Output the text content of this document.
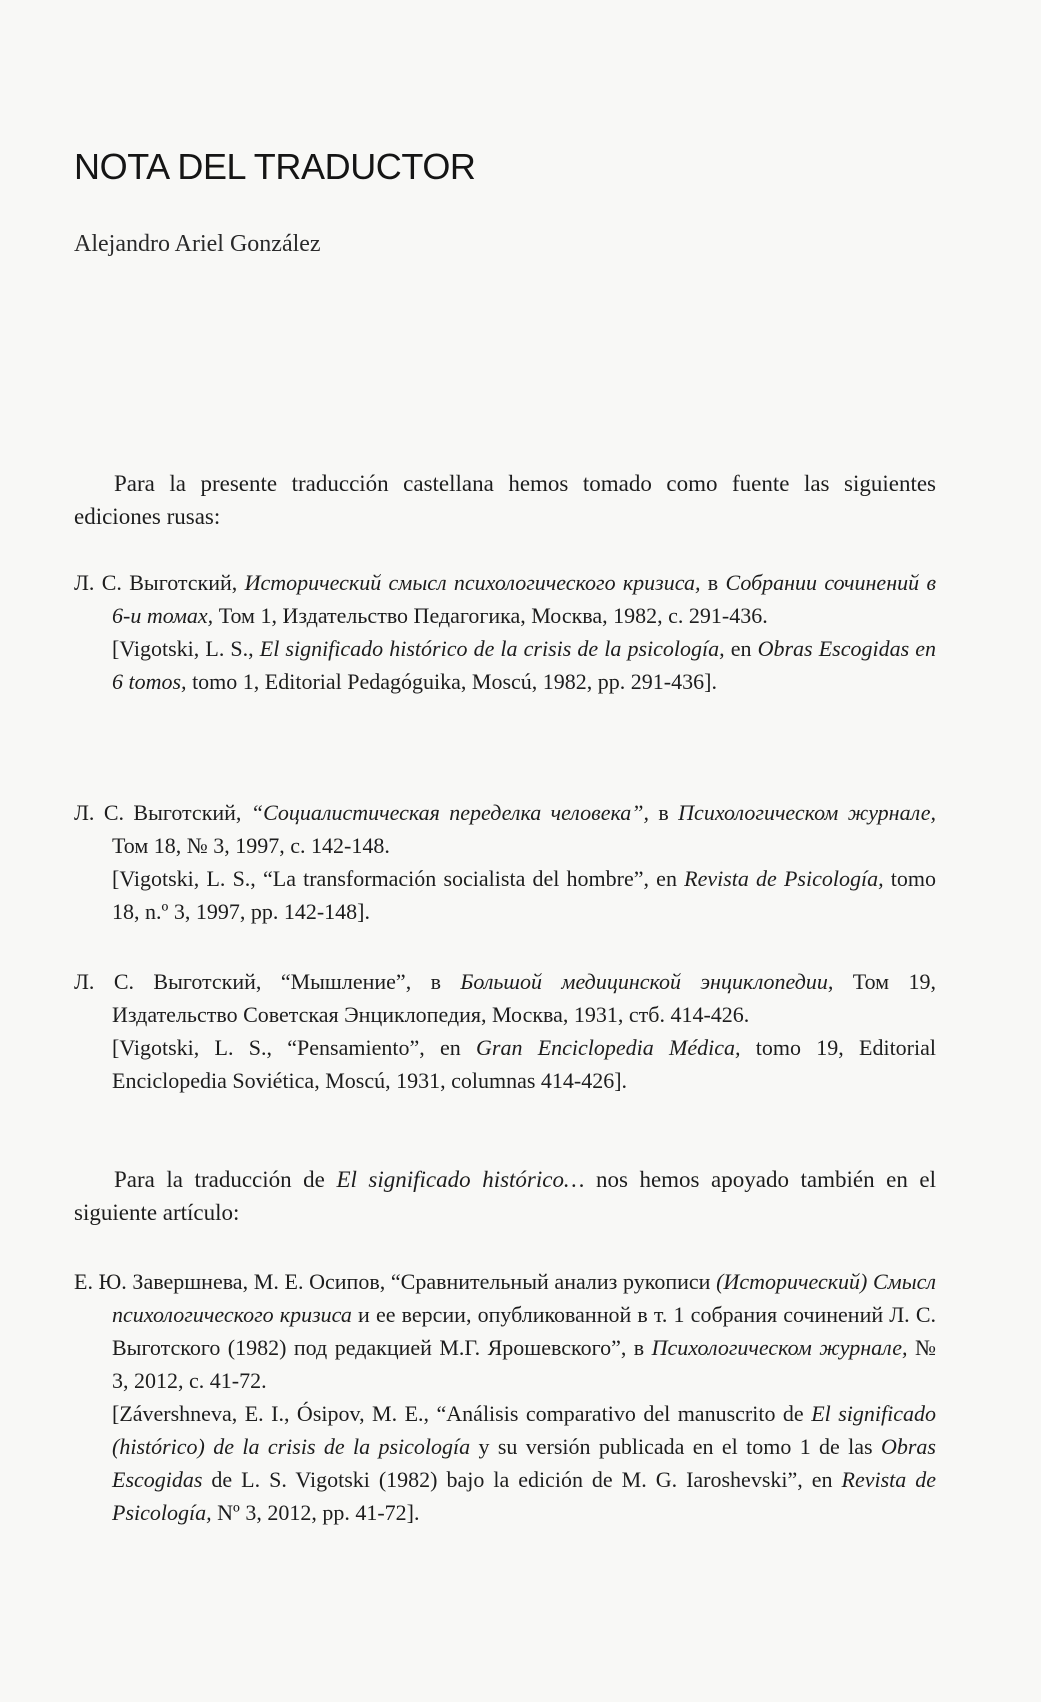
NOTA DEL TRADUCTOR
Alejandro Ariel González

Para la presente traducción castellana hemos tomado como fuente las siguientes ediciones rusas:

Л. С. Выготский, Исторический смысл психологического кризиса, в Собрании сочинений в 6-и томах, Том 1, Издательство Педагогика, Москва, 1982, с. 291-436.

[Vigotski, L. S., El significado histórico de la crisis de la psicología, en Obras Escogidas en 6 tomos, tomo 1, Editorial Pedagóguika, Moscú, 1982, pp. 291-436].

Л. С. Выготский, “Социалистическая переделка человека”, в Психологическом журнале, Том 18, № 3, 1997, с. 142-148.

[Vigotski, L. S., “La transformación socialista del hombre”, en Revista de Psicología, tomo 18, n.º 3, 1997, pp. 142-148].

Л. С. Выготский, “Мышление”, в Большой медицинской энциклопедии, Том 19, Издательство Советская Энциклопедия, Москва, 1931, стб. 414-426.

[Vigotski, L. S., “Pensamiento”, en Gran Enciclopedia Médica, tomo 19, Editorial Enciclopedia Soviética, Moscú, 1931, columnas 414-426].

Para la traducción de El significado histórico… nos hemos apoyado también en el siguiente artículo:

Е. Ю. Завершнева, М. Е. Осипов, “Сравнительный анализ рукописи (Исторический) Смысл психологического кризиса и ее версии, опубликованной в т. 1 собрания сочинений Л. С. Выготского (1982) под редакцией М.Г. Ярошевского”, в Психологическом журнале, № 3, 2012, с. 41-72.

[Závershneva, E. I., Ósipov, M. E., “Análisis comparativo del manuscrito de El significado (histórico) de la crisis de la psicología y su versión publicada en el tomo 1 de las Obras Escogidas de L. S. Vigotski (1982) bajo la edición de M. G. Iaroshevski”, en Revista de Psicología, Nº 3, 2012, pp. 41-72].
